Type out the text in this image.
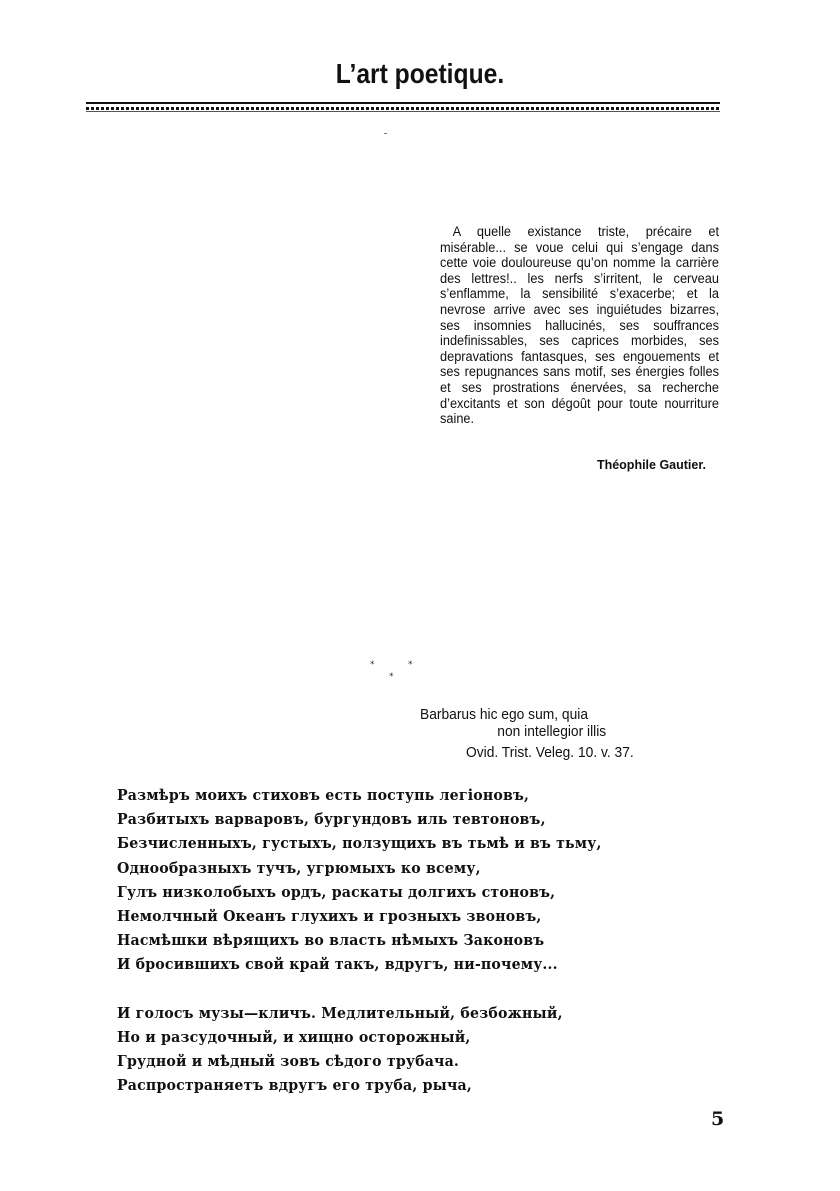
L’art poetique.
A quelle existance triste, précaire et misérable... se voue celui qui s’engage dans cette voie douloureuse qu’on nomme la carrière des lettres!.. les nerfs s’irritent, le cerveau s’enflamme, la sensibilité s’exacerbe; et la nevrose arrive avec ses inguiétudes bizarres, ses insomnies hallucinés, ses souffrances indefinissables, ses caprices morbides, ses depravations fantasques, ses engouements et ses repugnances sans motif, ses énergies folles et ses prostrations énervées, sa recherche d’excitants et son dégoût pour toute nourriture saine.
Théophile Gautier.
*	*
*
Barbarus hic ego sum, quia
non intellegior illis
Ovid. Trist. Veleg. 10. v. 37.
Размѣръ моихъ стиховъ есть поступь легіоновъ,
Разбитыхъ варваровъ, бургундовъ иль тевтоновъ,
Безчисленныхъ, густыхъ, ползущихъ въ тьмѣ и въ тьму,
Однообразныхъ тучъ, угрюмыхъ ко всему,
Гулъ низколобыхъ ордъ, раскаты долгихъ стоновъ,
Немолчный Океанъ глухихъ и грозныхъ звоновъ,
Насмѣшки вѣрящихъ во власть нѣмыхъ Законовъ
И бросившихъ свой край такъ, вдругъ, ни-почему...
И голосъ музы—кличъ. Медлительный, безбожный,
Но и разсудочный, и хищно осторожный,
Грудной и мѣдный зовъ сѣдого трубача.
Распространяетъ вдругъ его труба, рыча,
5
